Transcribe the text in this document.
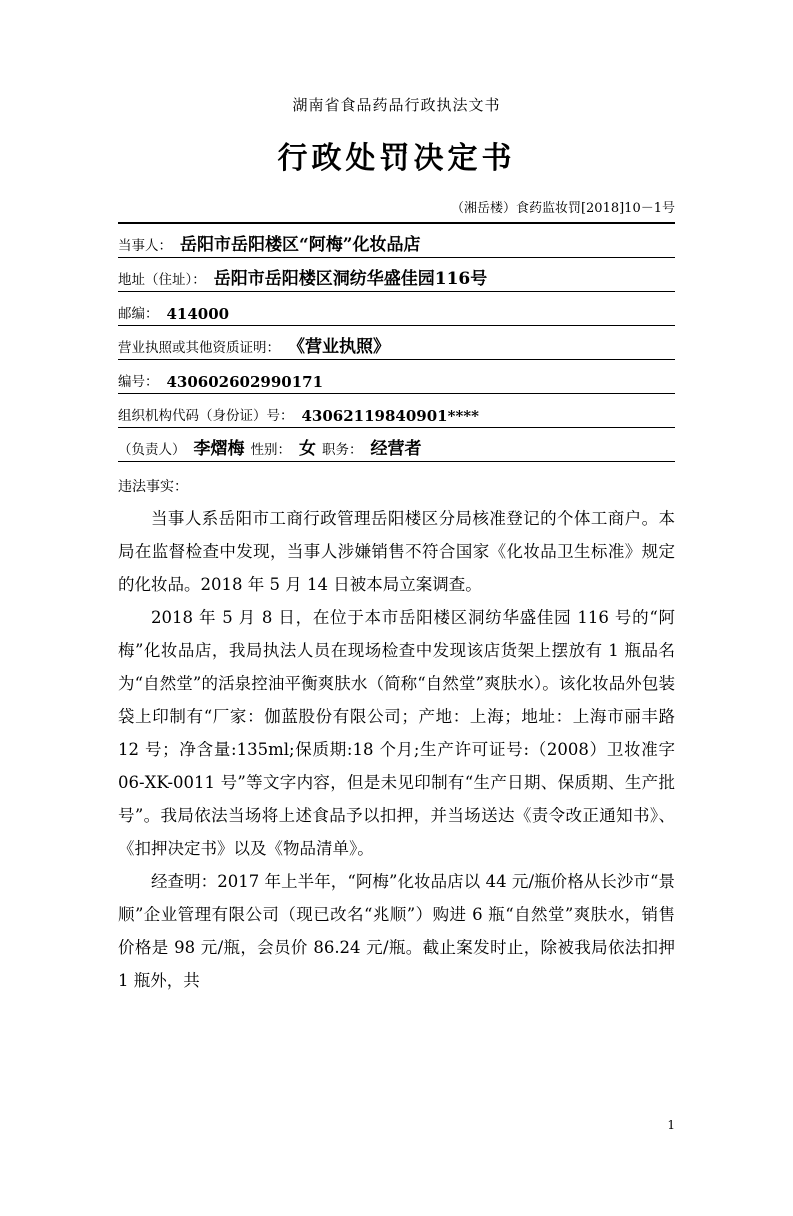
湖南省食品药品行政执法文书
行政处罚决定书
（湘岳楼）食药监妆罚[2018]10－1号
当事人： 岳阳市岳阳楼区“阿梅”化妆品店
地址（住址）： 岳阳市岳阳楼区洞纺华盛佳园116号
邮编： 414000
营业执照或其他资质证明： 《营业执照》
编号： 430602602990171
组织机构代码（身份证）号： 43062119840901****
（负责人） 李熠梅 性别： 女 职务： 经营者
违法事实：

当事人系岳阳市工商行政管理岳阳楼区分局核准登记的个体工商户。本局在监督检查中发现，当事人涉嫌销售不符合国家《化妆品卫生标准》规定的化妆品。2018 年 5 月 14 日被本局立案调查。

2018 年 5 月 8 日，在位于本市岳阳楼区洞纺华盛佳园 116 号的“阿梅”化妆品店，我局执法人员在现场检查中发现该店货架上摆放有 1 瓶品名为“自然堂”的活泉控油平衡爽肤水（简称“自然堂”爽肤水）。该化妆品外包装袋上印制有“厂家：伽蓝股份有限公司；产地：上海；地址：上海市丽丰路 12 号；净含量:135ml;保质期:18 个月;生产许可证号:（2008）卫妆准字 06-XK-0011 号”等文字内容，但是未见印制有“生产日期、保质期、生产批号”。我局依法当场将上述食品予以扣押，并当场送达《责令改正通知书》、《扣押决定书》以及《物品清单》。

经查明：2017 年上半年，“阿梅”化妆品店以 44 元/瓶价格从长沙市“景顺”企业管理有限公司（现已改名“兆顺”）购进 6 瓶“自然堂”爽肤水，销售价格是 98 元/瓶，会员价 86.24 元/瓶。截止案发时止，除被我局依法扣押 1 瓶外，共

1
